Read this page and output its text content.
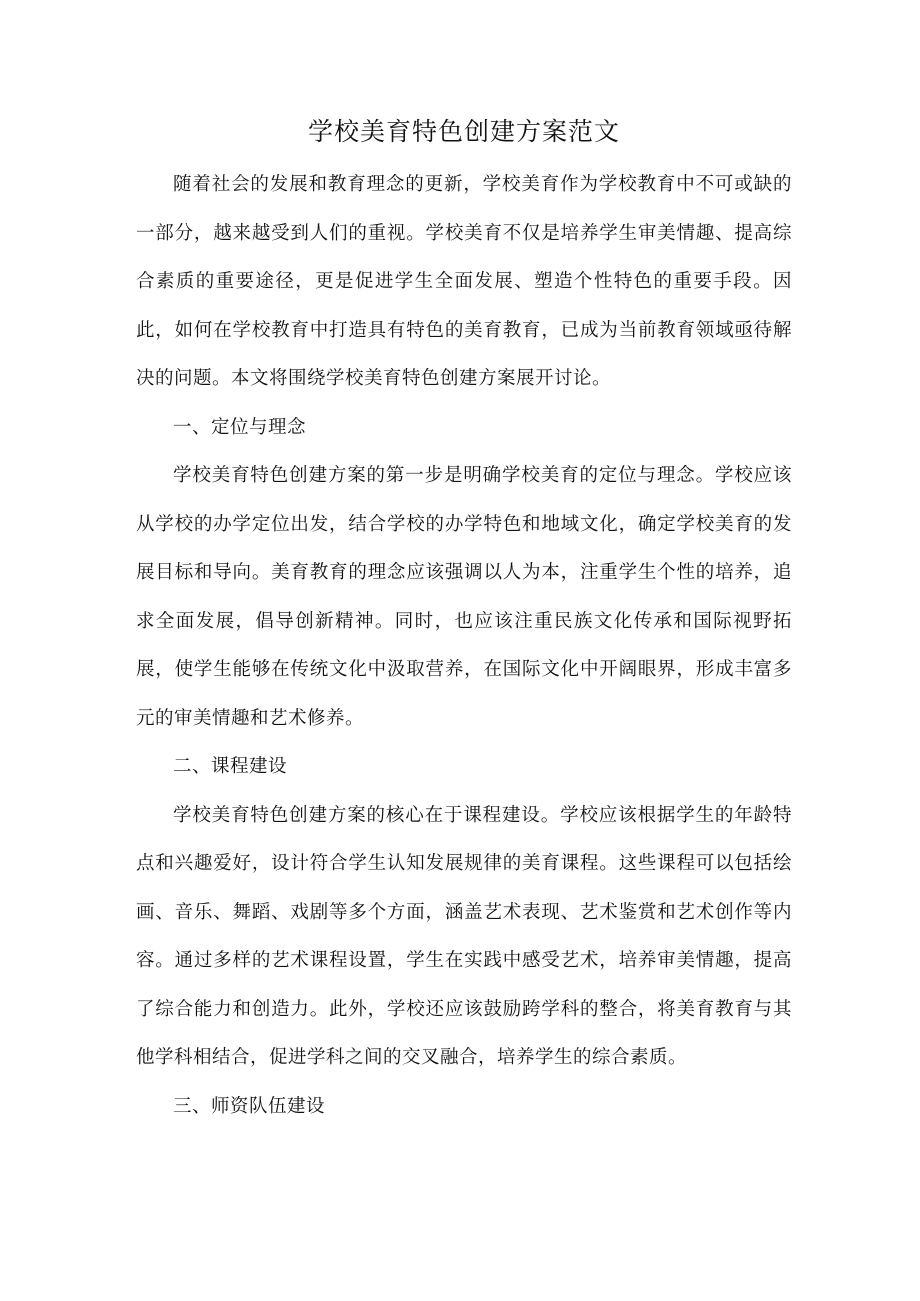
学校美育特色创建方案范文

随着社会的发展和教育理念的更新，学校美育作为学校教育中不可或缺的一部分，越来越受到人们的重视。学校美育不仅是培养学生审美情趣、提高综合素质的重要途径，更是促进学生全面发展、塑造个性特色的重要手段。因此，如何在学校教育中打造具有特色的美育教育，已成为当前教育领域亟待解决的问题。本文将围绕学校美育特色创建方案展开讨论。

一、定位与理念

学校美育特色创建方案的第一步是明确学校美育的定位与理念。学校应该从学校的办学定位出发，结合学校的办学特色和地域文化，确定学校美育的发展目标和导向。美育教育的理念应该强调以人为本，注重学生个性的培养，追求全面发展，倡导创新精神。同时，也应该注重民族文化传承和国际视野拓展，使学生能够在传统文化中汲取营养，在国际文化中开阔眼界，形成丰富多元的审美情趣和艺术修养。

二、课程建设

学校美育特色创建方案的核心在于课程建设。学校应该根据学生的年龄特点和兴趣爱好，设计符合学生认知发展规律的美育课程。这些课程可以包括绘画、音乐、舞蹈、戏剧等多个方面，涵盖艺术表现、艺术鉴赏和艺术创作等内容。通过多样的艺术课程设置，学生在实践中感受艺术，培养审美情趣，提高了综合能力和创造力。此外，学校还应该鼓励跨学科的整合，将美育教育与其他学科相结合，促进学科之间的交叉融合，培养学生的综合素质。

三、师资队伍建设
